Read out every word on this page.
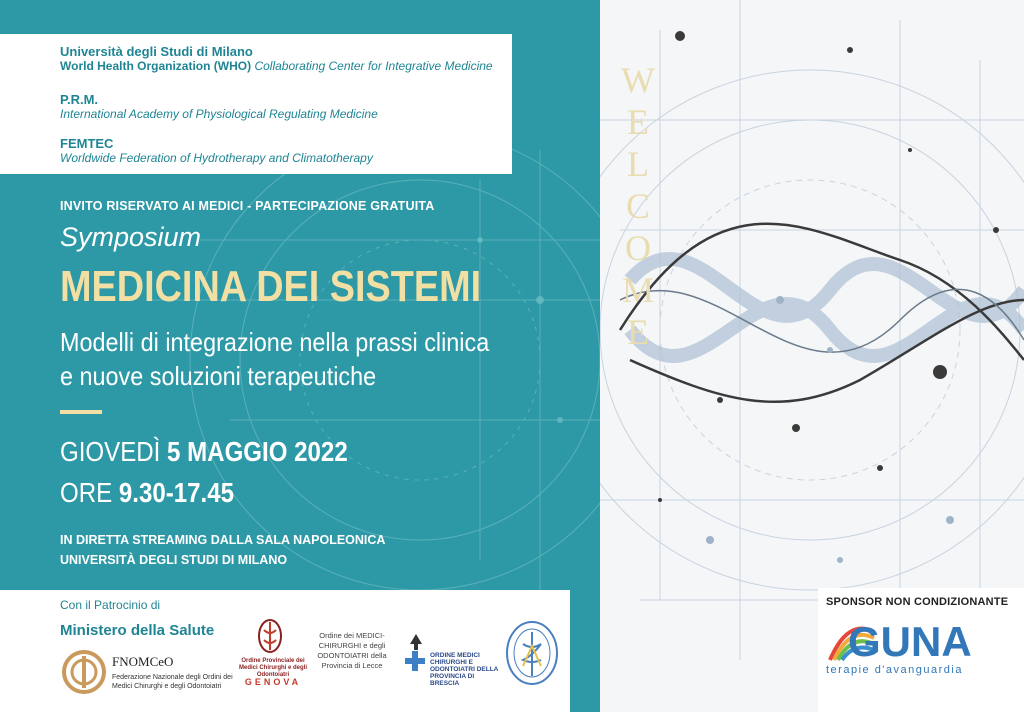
Università degli Studi di Milano
World Health Organization (WHO) Collaborating Center for Integrative Medicine
P.R.M.
International Academy of Physiological Regulating Medicine
FEMTEC
Worldwide Federation of Hydrotherapy and Climatotherapy
INVITO RISERVATO AI MEDICI - PARTECIPAZIONE GRATUITA
Symposium
MEDICINA DEI SISTEMI
Modelli di integrazione nella prassi clinica
e nuove soluzioni terapeutiche
GIOVEDÌ 5 MAGGIO 2022
ORE 9.30-17.45
IN DIRETTA STREAMING DALLA SALA NAPOLEONICA
UNIVERSITÀ DEGLI STUDI DI MILANO
Con il Patrocinio di
Ministero della Salute
FNOMCeO
Federazione Nazionale degli Ordini dei Medici Chirurghi e degli Odontoiatri
Ordine Provinciale dei Medici Chirurghi e degli Odontoiatri
GENOVA
Ordine dei MEDICI-CHIRURGHI e degli ODONTOIATRI della Provincia di Lecce
ORDINE MEDICI CHIRURGHI E ODONTOIATRI DELLA PROVINCIA DI BRESCIA
WELCOME
SPONSOR NON CONDIZIONANTE
GUNA
terapie d'avanguardia
